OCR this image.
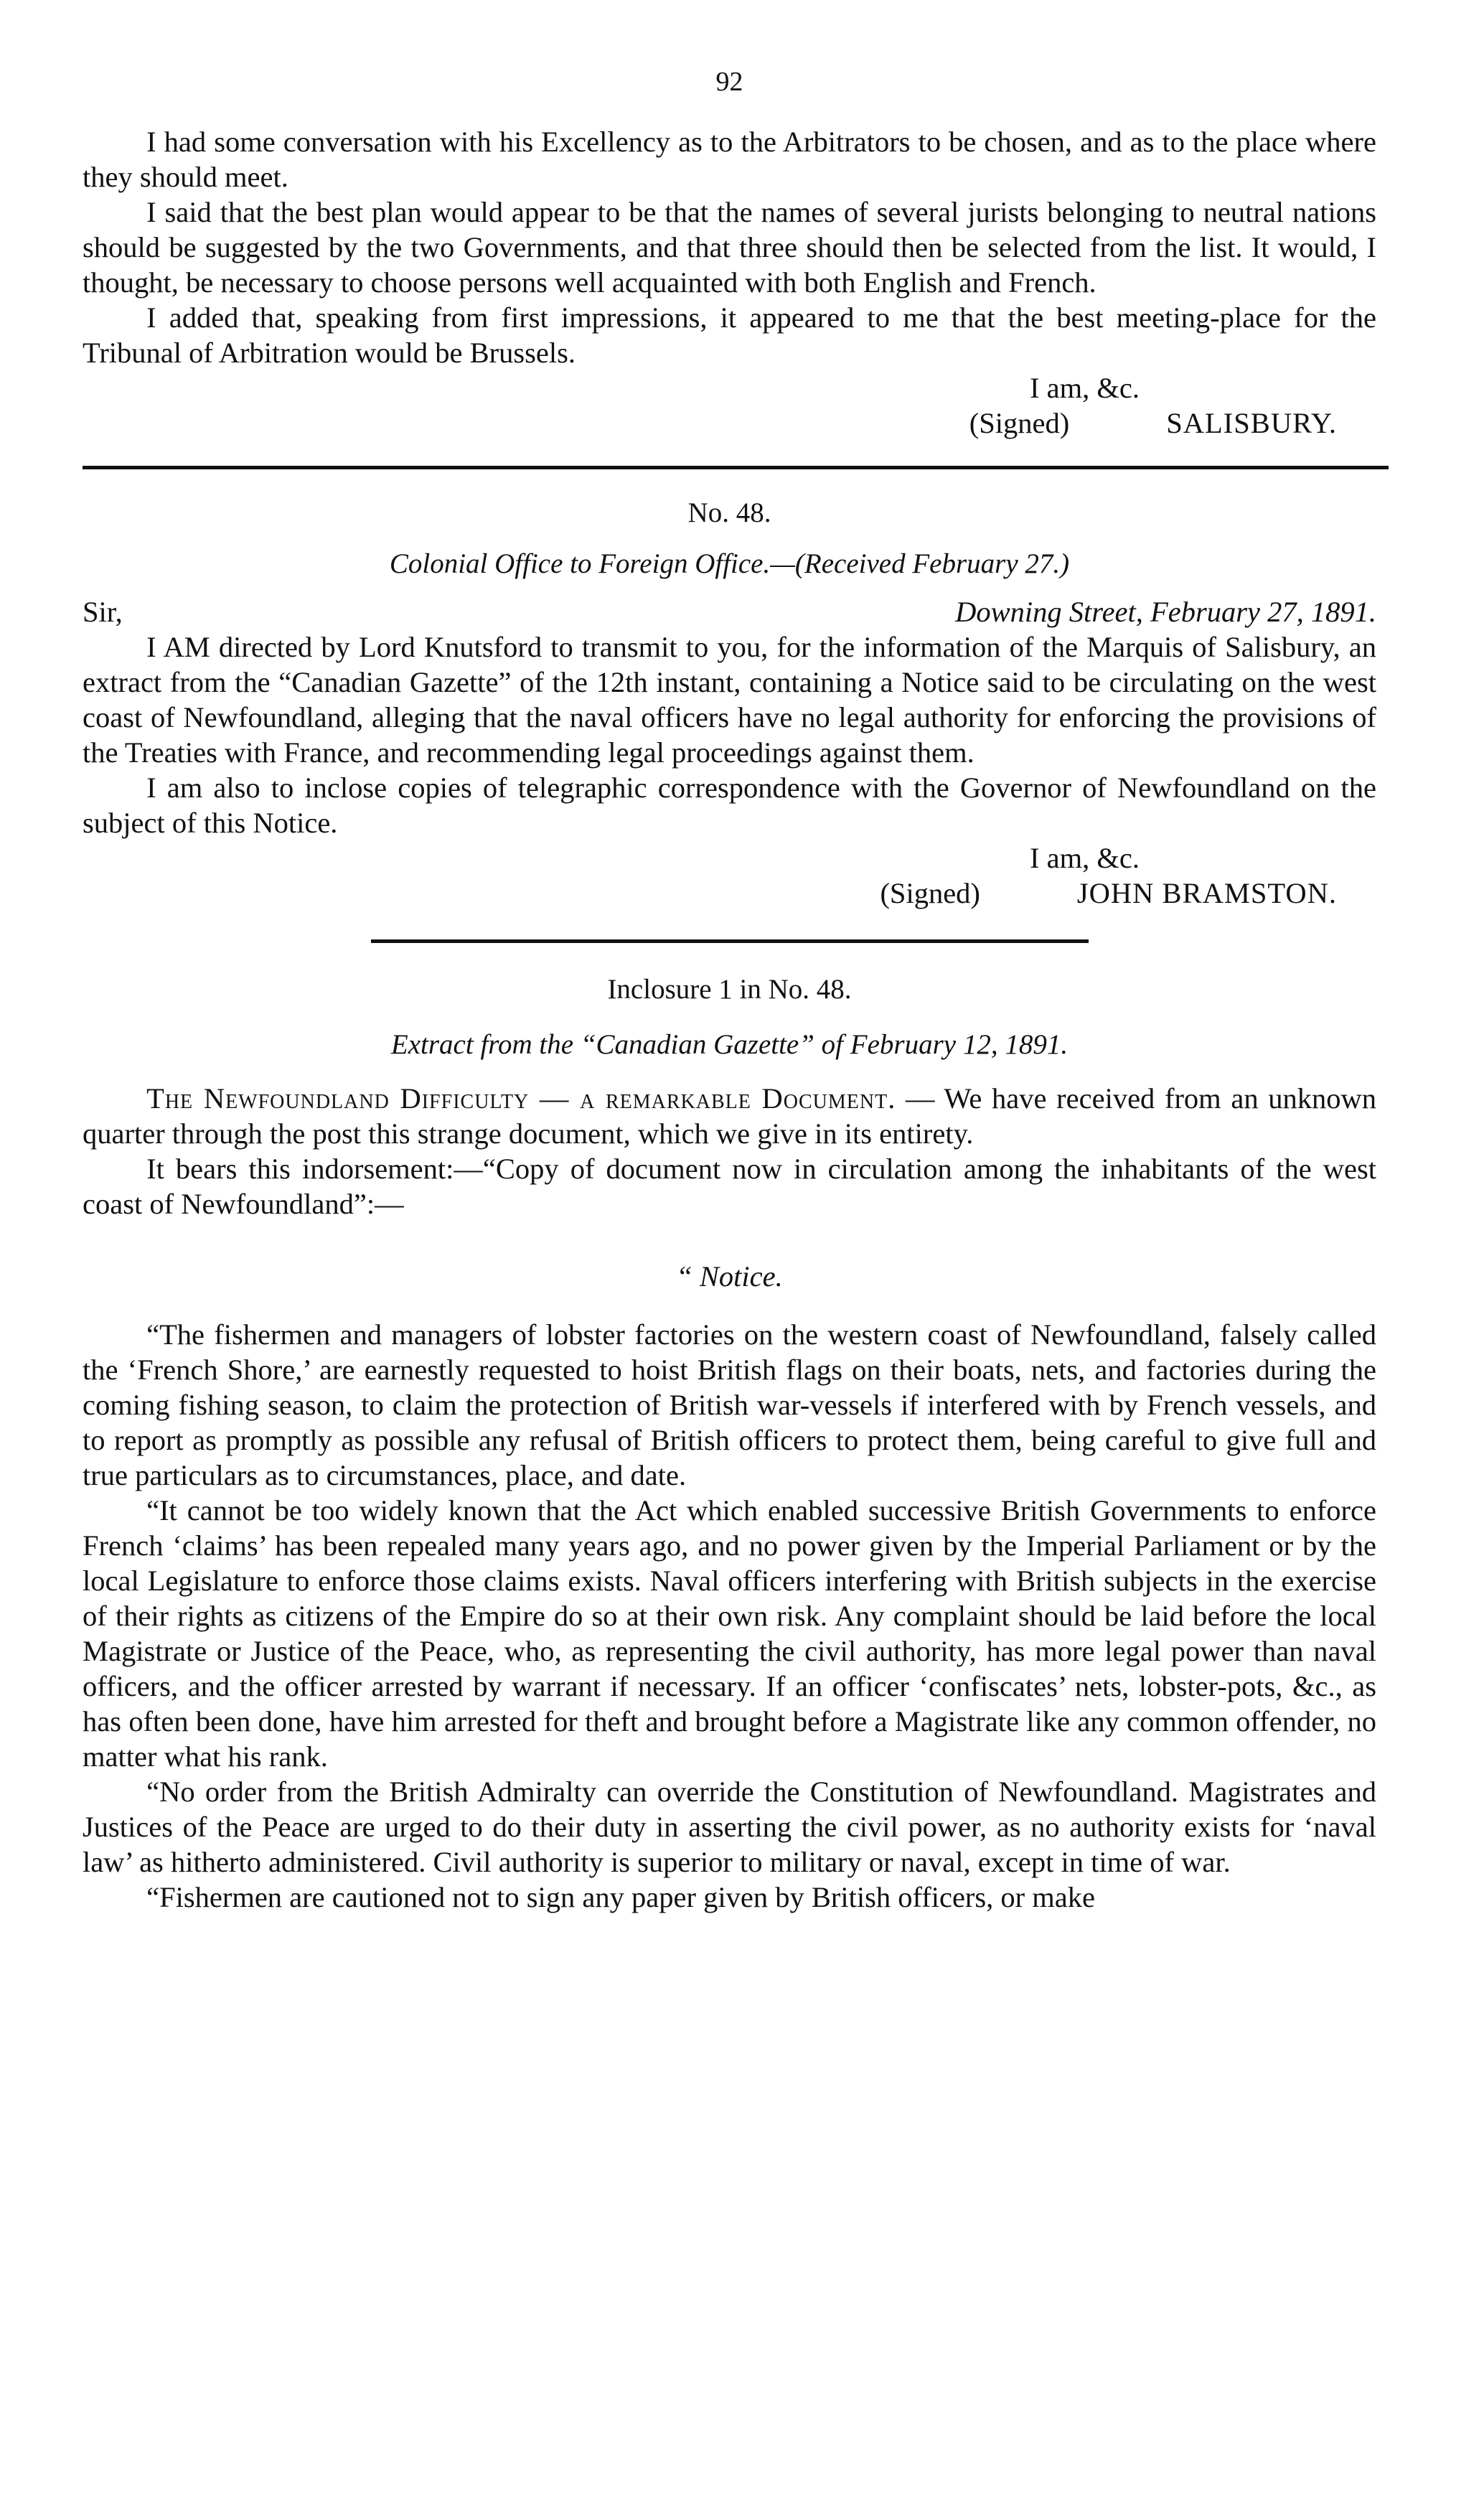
92

I had some conversation with his Excellency as to the Arbitrators to be chosen, and as to the place where they should meet.

I said that the best plan would appear to be that the names of several jurists belonging to neutral nations should be suggested by the two Governments, and that three should then be selected from the list. It would, I thought, be necessary to choose persons well acquainted with both English and French.

I added that, speaking from first impressions, it appeared to me that the best meeting-place for the Tribunal of Arbitration would be Brussels.

I am, &c.
(Signed)	SALISBURY.
No. 48.
Colonial Office to Foreign Office.—(Received February 27.)
Sir,	Downing Street, February 27, 1891.

I AM directed by Lord Knutsford to transmit to you, for the information of the Marquis of Salisbury, an extract from the “Canadian Gazette” of the 12th instant, containing a Notice said to be circulating on the west coast of Newfoundland, alleging that the naval officers have no legal authority for enforcing the provisions of the Treaties with France, and recommending legal proceedings against them.

I am also to inclose copies of telegraphic correspondence with the Governor of Newfoundland on the subject of this Notice.

I am, &c.
(Signed)	JOHN BRAMSTON.
Inclosure 1 in No. 48.
Extract from the “Canadian Gazette” of February 12, 1891.

The Newfoundland Difficulty — a remarkable Document. — We have received from an unknown quarter through the post this strange document, which we give in its entirety.

It bears this indorsement:—“Copy of document now in circulation among the inhabitants of the west coast of Newfoundland”:—

“ Notice.

“The fishermen and managers of lobster factories on the western coast of Newfoundland, falsely called the ‘French Shore,’ are earnestly requested to hoist British flags on their boats, nets, and factories during the coming fishing season, to claim the protection of British war-vessels if interfered with by French vessels, and to report as promptly as possible any refusal of British officers to protect them, being careful to give full and true particulars as to circumstances, place, and date.

“It cannot be too widely known that the Act which enabled successive British Governments to enforce French ‘claims’ has been repealed many years ago, and no power given by the Imperial Parliament or by the local Legislature to enforce those claims exists. Naval officers interfering with British subjects in the exercise of their rights as citizens of the Empire do so at their own risk. Any complaint should be laid before the local Magistrate or Justice of the Peace, who, as representing the civil authority, has more legal power than naval officers, and the officer arrested by warrant if necessary. If an officer ‘confiscates’ nets, lobster-pots, &c., as has often been done, have him arrested for theft and brought before a Magistrate like any common offender, no matter what his rank.

“No order from the British Admiralty can override the Constitution of Newfoundland. Magistrates and Justices of the Peace are urged to do their duty in asserting the civil power, as no authority exists for ‘naval law’ as hitherto administered. Civil authority is superior to military or naval, except in time of war.

“Fishermen are cautioned not to sign any paper given by British officers, or make
